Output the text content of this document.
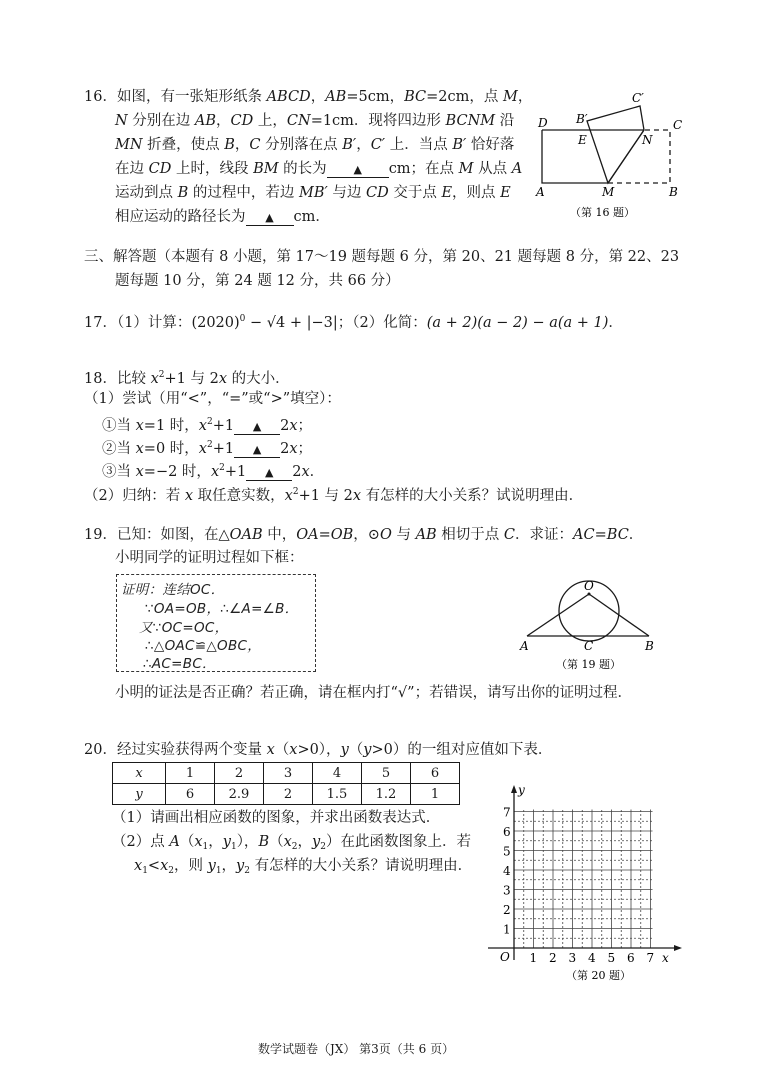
16．如图，有一张矩形纸条 ABCD，AB=5cm，BC=2cm，点 M，
N 分别在边 AB，CD 上，CN=1cm．现将四边形 BCNM 沿
MN 折叠，使点 B，C 分别落在点 B′，C′ 上．当点 B′ 恰好落
在边 CD 上时，线段 BM 的长为 ▲ cm；在点 M 从点 A
运动到点 B 的过程中，若边 MB′ 与边 CD 交于点 E，则点 E
相应运动的路径长为 ▲ cm．
D
A
B′
C′
E	N
C
M	B
（第 16 题）
三、解答题（本题有 8 小题，第 17～19 题每题 6 分，第 20、21 题每题 8 分，第 22、23
题每题 10 分，第 24 题 12 分，共 66 分）
17．（1）计算：$(2020)^0 - √4 + |-3|$；（2）化简：(a + 2)(a − 2) − a(a + 1)．
18．比较 $x^2+1$ 与 2x 的大小．
（1）尝试（用“<”，“=”或“>”填空）：
①当 x=1 时，$x^2+1$ ▲ 2x；
②当 x=0 时，$x^2+1$ ▲ 2x；
③当 x=−2 时，$x^2+1$ ▲ 2x．
（2）归纳：若 x 取任意实数，$x^2+1$ 与 2x 有怎样的大小关系？试说明理由．
19．已知：如图，在△OAB 中，OA=OB，⊙O 与 AB 相切于点 C．求证：AC=BC．
小明同学的证明过程如下框：
证明：连结OC．
∵OA=OB，∴∠A=∠B．
又∵OC=OC，
∴△OAC≌△OBC，
∴AC=BC．
O
A	C	B
（第 19 题）
小明的证法是否正确？若正确，请在框内打“√”；若错误，请写出你的证明过程．
20．经过实验获得两个变量 x（x>0），y（y>0）的一组对应值如下表．
x	1	2	3	4	5	6
y	6	2.9	2	1.5	1.2	1
（1）请画出相应函数的图象，并求出函数表达式．
（2）点 $A(x_1$，$y_1$），$B(x_2$，$y_2$）在此函数图象上．若
$x_1<x_2$，则 $y_1$，$y_2$ 有怎样的大小关系？请说明理由．
y
x
O 1 2 3 4 5 6 7
1
2
3
4
5
6
7
（第 20 题）
数学试题卷（JX） 第3页（共 6 页）
